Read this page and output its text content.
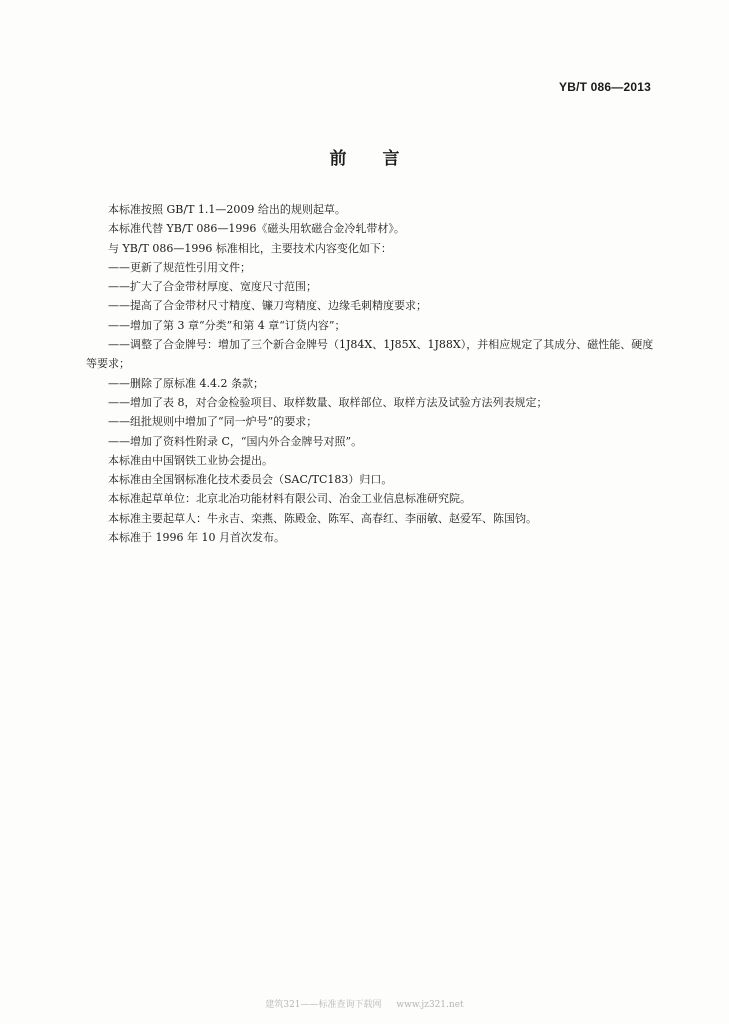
YB/T 086—2013
前言

本标准按照 GB/T 1.1—2009 给出的规则起草。

本标准代替 YB/T 086—1996《磁头用软磁合金冷轧带材》。

与 YB/T 086—1996 标准相比，主要技术内容变化如下：

——更新了规范性引用文件；

——扩大了合金带材厚度、宽度尺寸范围；

——提高了合金带材尺寸精度、镰刀弯精度、边缘毛刺精度要求；

——增加了第 3 章“分类”和第 4 章“订货内容”；

——调整了合金牌号：增加了三个新合金牌号（1J84X、1J85X、1J88X），并相应规定了其成分、磁性能、硬度等要求；

——删除了原标准 4.4.2 条款；

——增加了表 8，对合金检验项目、取样数量、取样部位、取样方法及试验方法列表规定；

——组批规则中增加了“同一炉号”的要求；

——增加了资料性附录 C，“国内外合金牌号对照”。

本标准由中国钢铁工业协会提出。

本标准由全国钢标准化技术委员会（SAC/TC183）归口。

本标准起草单位：北京北冶功能材料有限公司、冶金工业信息标准研究院。

本标准主要起草人：牛永吉、栾燕、陈殿金、陈军、高春红、李丽敏、赵爱军、陈国钧。

本标准于 1996 年 10 月首次发布。

建筑321——标准查询下载网 www.jz321.net
